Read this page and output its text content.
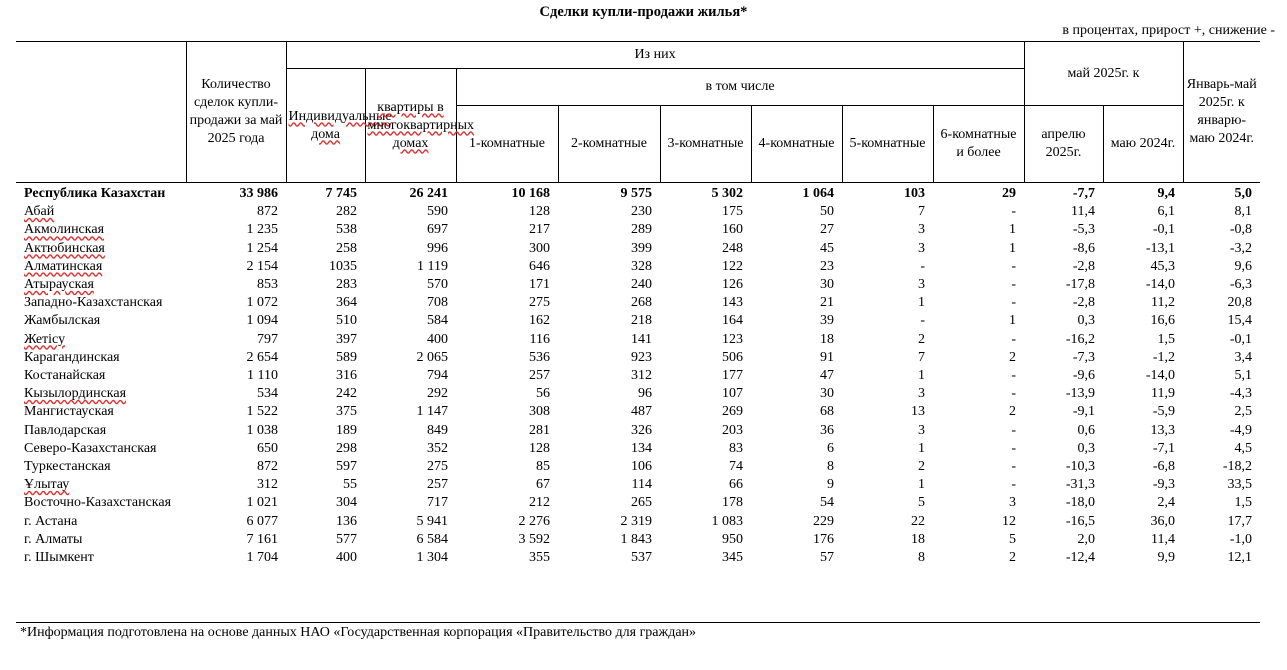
Сделки купли-продажи жилья*
в процентах, прирост +, снижение -
	Количество сделок купли-продажи за май 2025 года	Из них								май 2025г. к		Январь-май 2025г. к январю-маю 2024г.
		Индивидуальные дома	квартиры в многоквартирных домах	в том числе								
				1-комнатные	2-комнатные	3-комнатные	4-комнатные	5-комнатные	6-комнатные и более	апрелю 2025г.	маю 2024г.	
Республика Казахстан	33 986	7 745	26 241	10 168	9 575	5 302	1 064	103	29	-7,7	9,4	5,0
Абай	872	282	590	128	230	175	50	7	-	11,4	6,1	8,1
Акмолинская	1 235	538	697	217	289	160	27	3	1	-5,3	-0,1	-0,8
Актюбинская	1 254	258	996	300	399	248	45	3	1	-8,6	-13,1	-3,2
Алматинская	2 154	1035	1 119	646	328	122	23	-	-	-2,8	45,3	9,6
Атырауская	853	283	570	171	240	126	30	3	-	-17,8	-14,0	-6,3
Западно-Казахстанская	1 072	364	708	275	268	143	21	1	-	-2,8	11,2	20,8
Жамбылская	1 094	510	584	162	218	164	39	-	1	0,3	16,6	15,4
Жетісу	797	397	400	116	141	123	18	2	-	-16,2	1,5	-0,1
Карагандинская	2 654	589	2 065	536	923	506	91	7	2	-7,3	-1,2	3,4
Костанайская	1 110	316	794	257	312	177	47	1	-	-9,6	-14,0	5,1
Кызылординская	534	242	292	56	96	107	30	3	-	-13,9	11,9	-4,3
Мангистауская	1 522	375	1 147	308	487	269	68	13	2	-9,1	-5,9	2,5
Павлодарская	1 038	189	849	281	326	203	36	3	-	0,6	13,3	-4,9
Северо-Казахстанская	650	298	352	128	134	83	6	1	-	0,3	-7,1	4,5
Туркестанская	872	597	275	85	106	74	8	2	-	-10,3	-6,8	-18,2
Ұлытау	312	55	257	67	114	66	9	1	-	-31,3	-9,3	33,5
Восточно-Казахстанская	1 021	304	717	212	265	178	54	5	3	-18,0	2,4	1,5
г. Астана	6 077	136	5 941	2 276	2 319	1 083	229	22	12	-16,5	36,0	17,7
г. Алматы	7 161	577	6 584	3 592	1 843	950	176	18	5	2,0	11,4	-1,0
г. Шымкент	1 704	400	1 304	355	537	345	57	8	2	-12,4	9,9	12,1
*Информация подготовлена на основе данных НАО «Государственная корпорация «Правительство для граждан»
